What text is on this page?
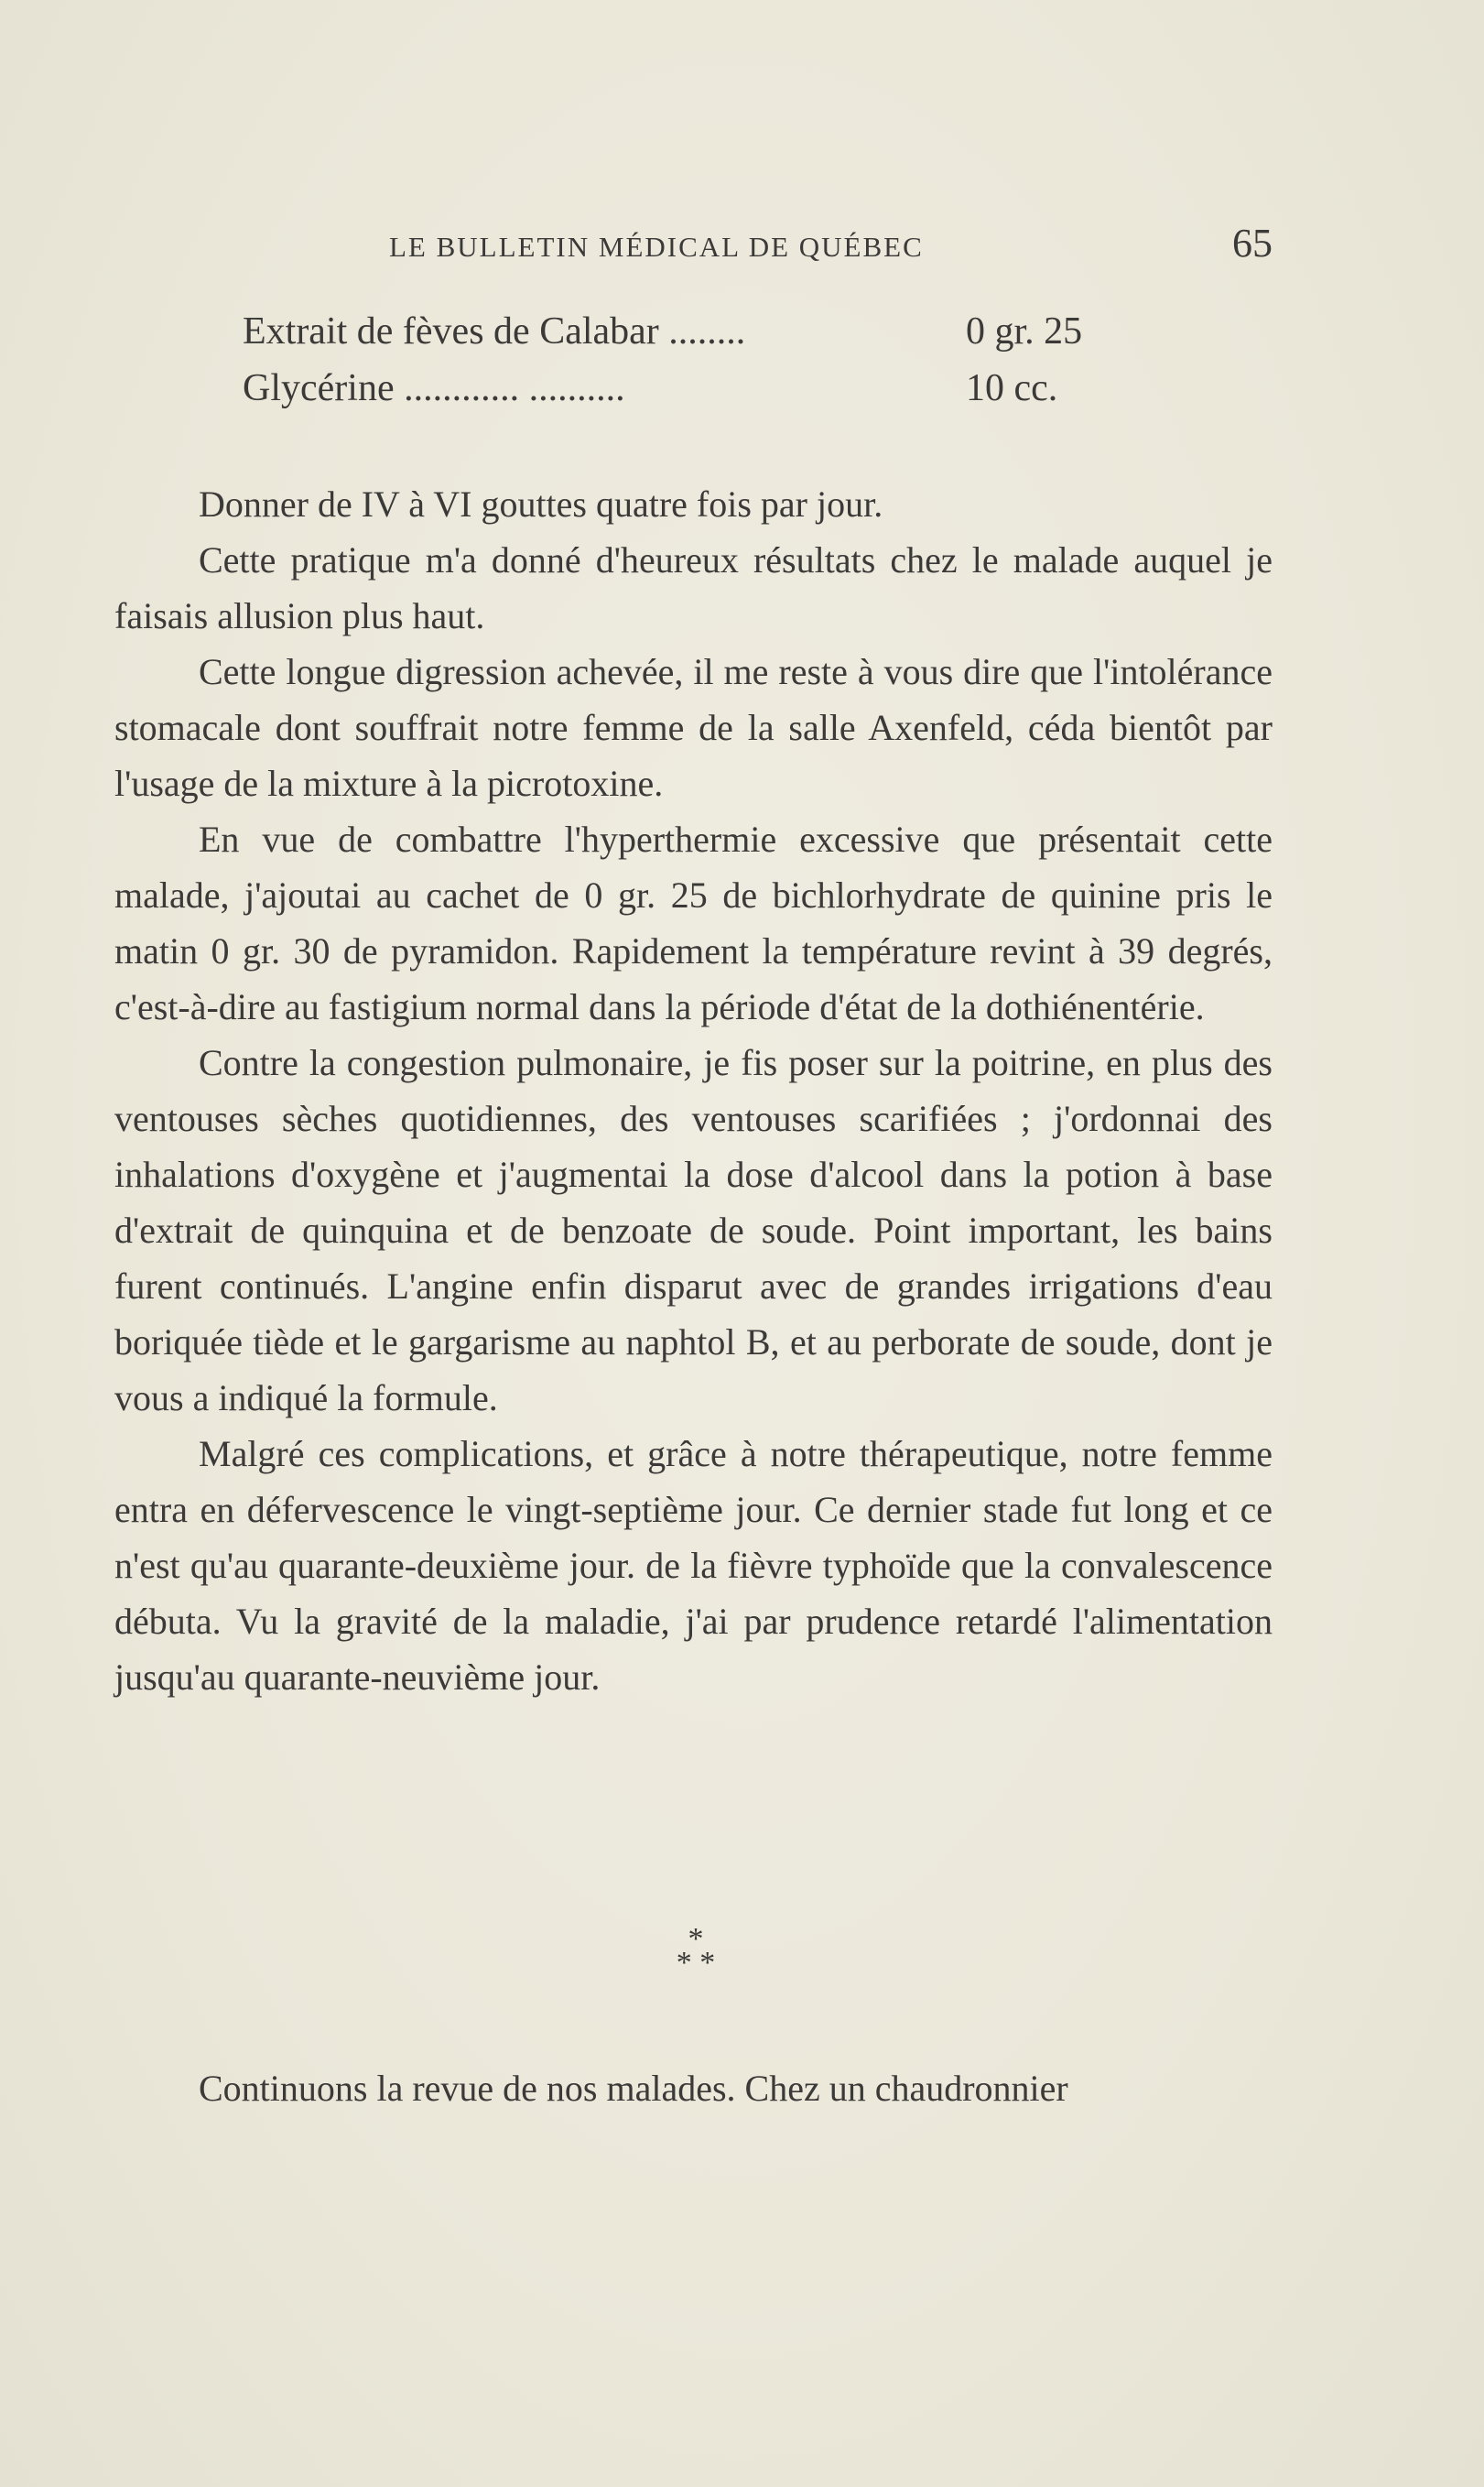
LE BULLETIN MÉDICAL DE QUÉBEC	65
Extrait de fèves de Calabar ........	0 gr. 25
Glycérine ............ ..........	10 cc.

Donner de IV à VI gouttes quatre fois par jour.

Cette pratique m'a donné d'heureux résultats chez le malade auquel je faisais allusion plus haut.

Cette longue digression achevée, il me reste à vous dire que l'intolérance stomacale dont souffrait notre femme de la salle Axenfeld, céda bientôt par l'usage de la mixture à la picrotoxine.

En vue de combattre l'hyperthermie excessive que présentait cette malade, j'ajoutai au cachet de 0 gr. 25 de bichlorhydrate de quinine pris le matin 0 gr. 30 de pyramidon. Rapidement la température revint à 39 degrés, c'est-à-dire au fastigium normal dans la période d'état de la dothiénentérie.

Contre la congestion pulmonaire, je fis poser sur la poitrine, en plus des ventouses sèches quotidiennes, des ventouses scarifiées ; j'ordonnai des inhalations d'oxygène et j'augmentai la dose d'alcool dans la potion à base d'extrait de quinquina et de benzoate de soude. Point important, les bains furent continués. L'angine enfin disparut avec de grandes irrigations d'eau boriquée tiède et le gargarisme au naphtol B, et au perborate de soude, dont je vous a indiqué la formule.

Malgré ces complications, et grâce à notre thérapeutique, notre femme entra en défervescence le vingt-septième jour. Ce dernier stade fut long et ce n'est qu'au quarante-deuxième jour. de la fièvre typhoïde que la convalescence débuta. Vu la gravité de la maladie, j'ai par prudence retardé l'alimentation jusqu'au quarante-neuvième jour.

*
* *

Continuons la revue de nos malades. Chez un chaudronnier
